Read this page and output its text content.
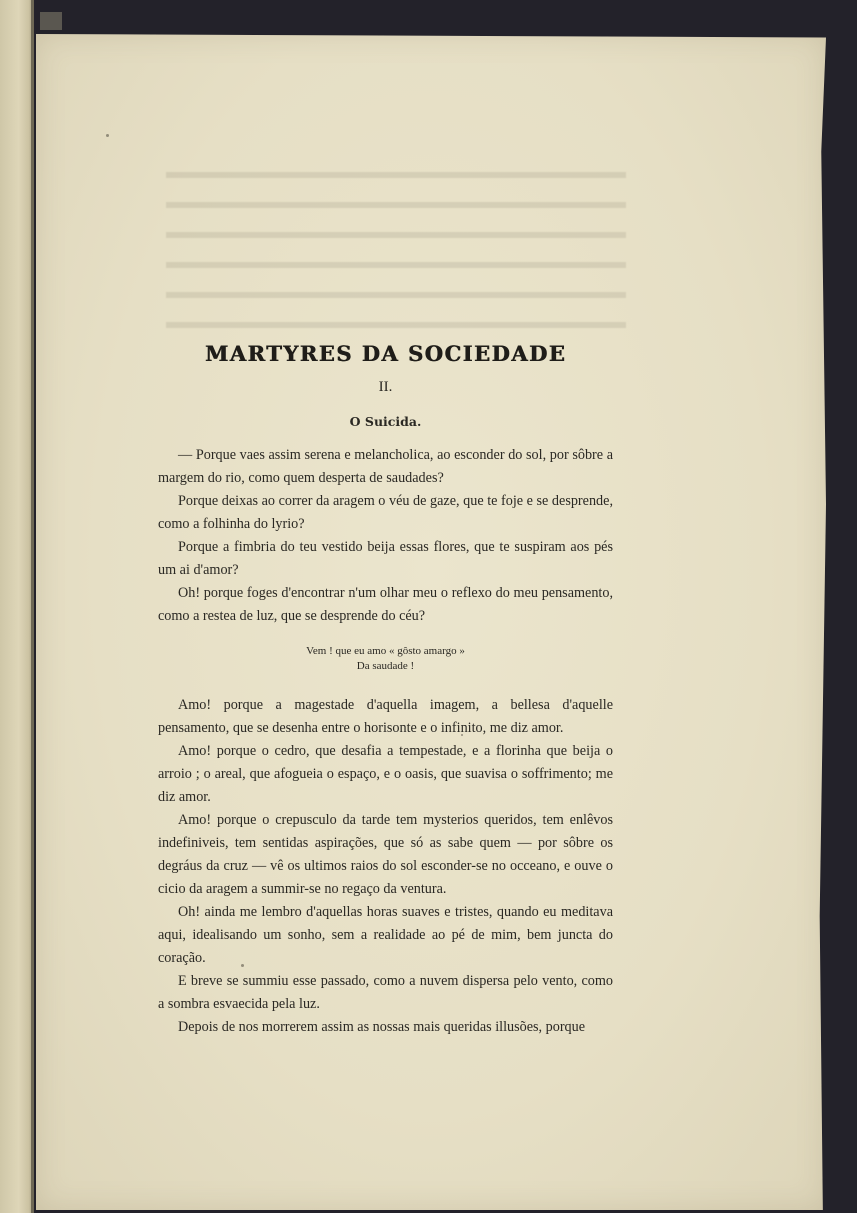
MARTYRES DA SOCIEDADE
II.
O Suicida.

— Porque vaes assim serena e melancholica, ao esconder do sol, por sôbre a margem do rio, como quem desperta de saudades?

Porque deixas ao correr da aragem o véu de gaze, que te foje e se desprende, como a folhinha do lyrio?

Porque a fimbria do teu vestido beija essas flores, que te suspiram aos pés um ai d'amor?

Oh! porque foges d'encontrar n'um olhar meu o reflexo do meu pensamento, como a restea de luz, que se desprende do céu?

Vem ! que eu amo « gôsto amargo »
Da saudade !

Amo! porque a magestade d'aquella imagem, a bellesa d'aquelle pensamento, que se desenha entre o horisonte e o infinito, me diz amor.

Amo! porque o cedro, que desafia a tempestade, e a florinha que beija o arroio ; o areal, que afogueia o espaço, e o oasis, que suavisa o soffrimento; me diz amor.

Amo! porque o crepusculo da tarde tem mysterios queridos, tem enlêvos indefiniveis, tem sentidas aspirações, que só as sabe quem — por sôbre os degráus da cruz — vê os ultimos raios do sol esconder-se no occeano, e ouve o cicio da aragem a summir-se no regaço da ventura.

Oh! ainda me lembro d'aquellas horas suaves e tristes, quando eu meditava aqui, idealisando um sonho, sem a realidade ao pé de mim, bem juncta do coração.

E breve se summiu esse passado, como a nuvem dispersa pelo vento, como a sombra esvaecida pela luz.

Depois de nos morrerem assim as nossas mais queridas illusões, porque
